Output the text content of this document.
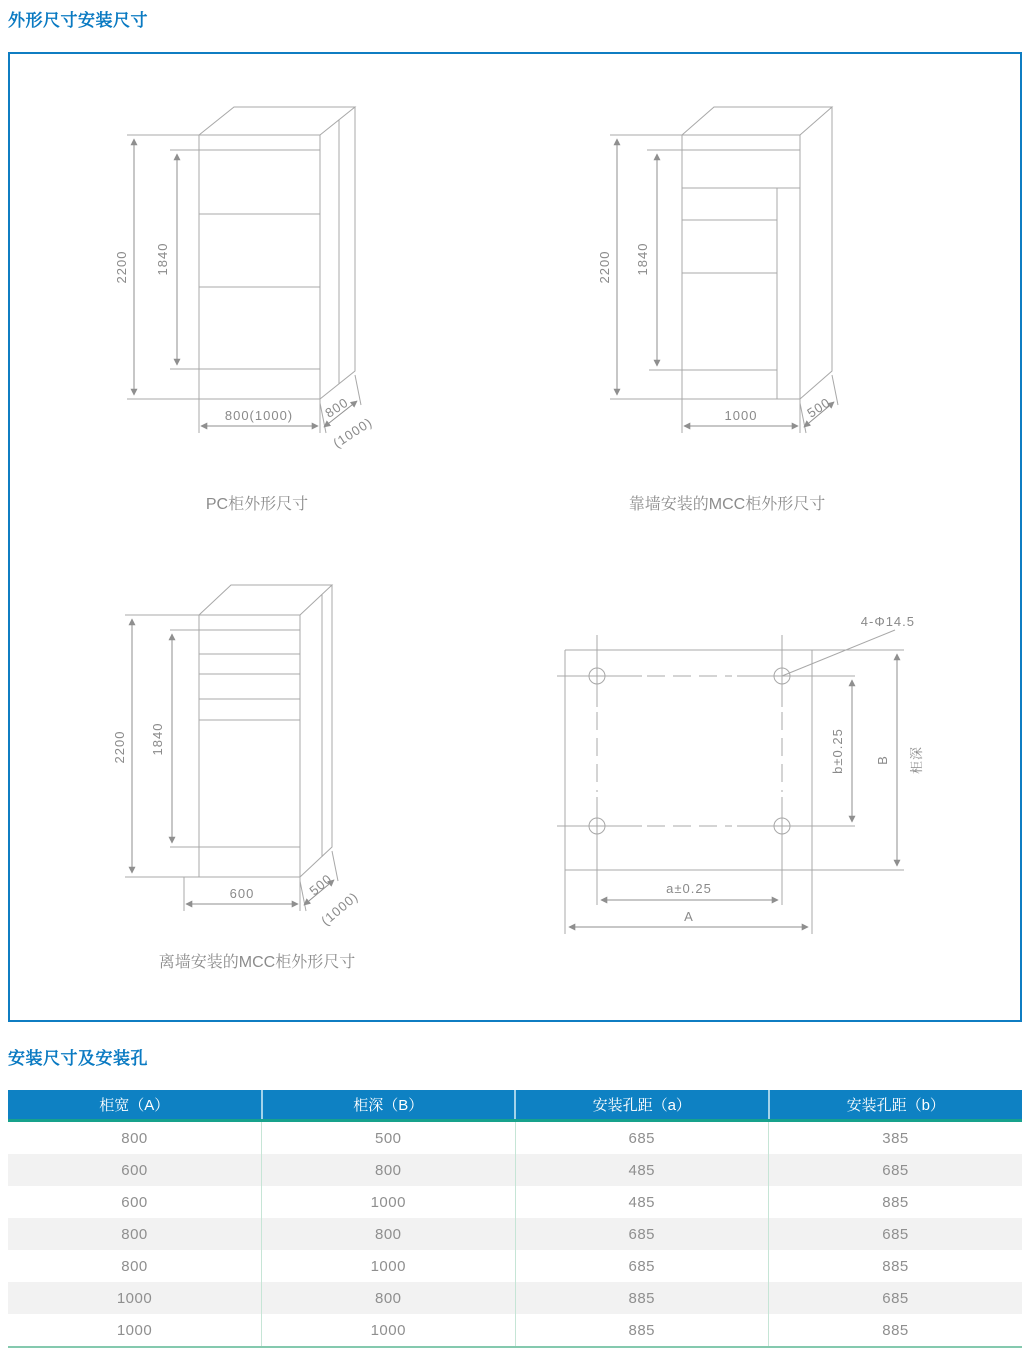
外形尺寸安装尺寸
2200 1840
800(1000) 800
(1000)
2200 1840
1000	500
2200 1840
600	500
(1000)
4-Φ14.5
b±0.25 B 柜深
a±0.25
A
PC柜外形尺寸	靠墙安装的MCC柜外形尺寸
离墙安装的MCC柜外形尺寸
安装尺寸及安装孔
柜宽（A）	柜深（B）	安装孔距（a）	安装孔距（b）
800	500	685	385
600	800	485	685
600	1000	485	885
800	800	685	685
800	1000	685	885
1000	800	885	685
1000	1000	885	885
